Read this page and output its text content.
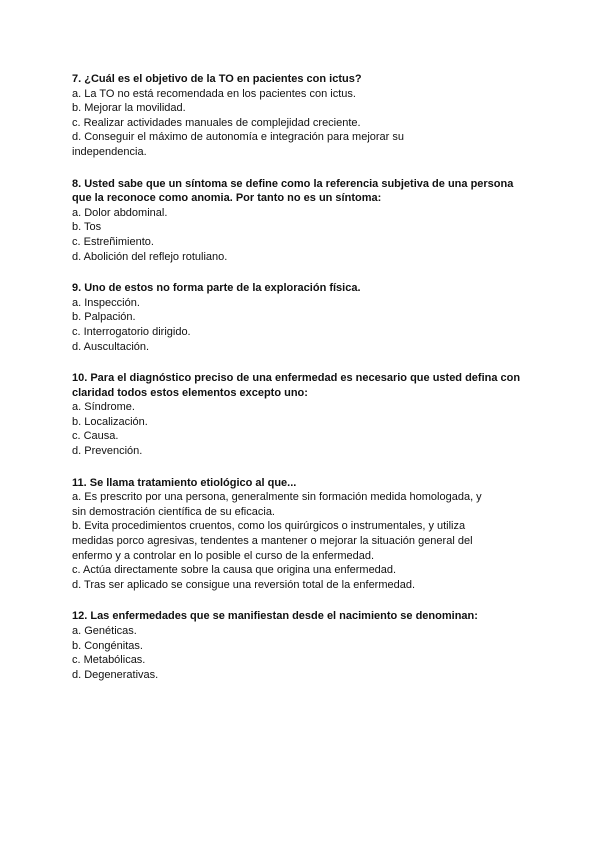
7. ¿Cuál es el objetivo de la TO en pacientes con ictus?

a. La TO no está recomendada en los pacientes con ictus.

b. Mejorar la movilidad.

c. Realizar actividades manuales de complejidad creciente.

d. Conseguir el máximo de autonomía e integración para mejorar su independencia.

8. Usted sabe que un síntoma se define como la referencia subjetiva de una persona que la reconoce como anomia. Por tanto no es un síntoma:

a. Dolor abdominal.

b. Tos

c. Estreñimiento.

d. Abolición del reflejo rotuliano.

9. Uno de estos no forma parte de la exploración física.

a. Inspección.

b. Palpación.

c. Interrogatorio dirigido.

d. Auscultación.

10. Para el diagnóstico preciso de una enfermedad es necesario que usted defina con claridad todos estos elementos excepto uno:

a. Síndrome.

b. Localización.

c. Causa.

d. Prevención.

11. Se llama tratamiento etiológico al que...

a. Es prescrito por una persona, generalmente sin formación medida homologada, y sin demostración científica de su eficacia.

b. Evita procedimientos cruentos, como los quirúrgicos o instrumentales, y utiliza medidas porco agresivas, tendentes a mantener o mejorar la situación general del enfermo y a controlar en lo posible el curso de la enfermedad.

c. Actúa directamente sobre la causa que origina una enfermedad.

d. Tras ser aplicado se consigue una reversión total de la enfermedad.

12. Las enfermedades que se manifiestan desde el nacimiento se denominan:

a. Genéticas.

b. Congénitas.

c. Metabólicas.

d. Degenerativas.
